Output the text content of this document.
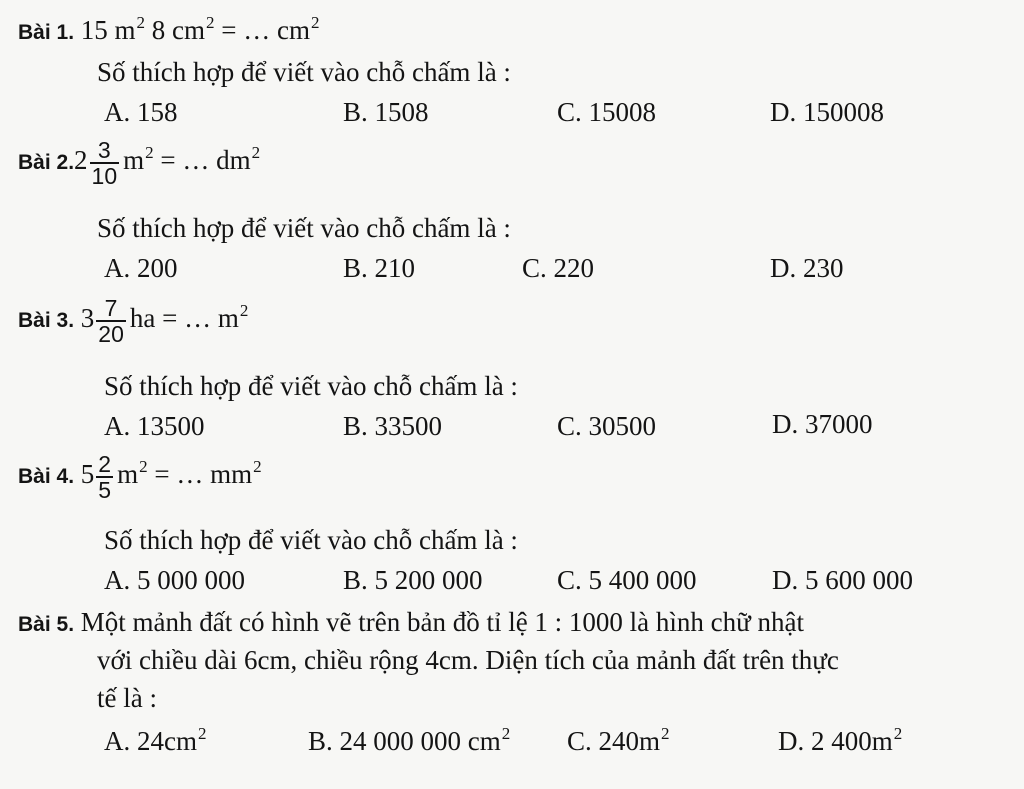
Bài 1. 15 $m^2$ 8 $cm^2$ = … $cm^2$
Số thích hợp để viết vào chỗ chấm là :
A. 158	B. 1508	C. 15008	D. 150008
Bài $2.2 \frac{3}{10} m^2$ = … $dm^2$
Số thích hợp để viết vào chỗ chấm là :
A. 200	B. 210	C. 220	D. 230
Bài 3. $3 \frac{7}{20}$ ha = … $m^2$
Số thích hợp để viết vào chỗ chấm là :
A. 13500	B. 33500	C. 30500	D. 37000
Bài 4. $5 \frac{2}{5} m^2$ = … $mm^2$
Số thích hợp để viết vào chỗ chấm là :
A. 5 000 000	B. 5 200 000	C. 5 400 000	D. 5 600 000
Bài 5. Một mảnh đất có hình vẽ trên bản đồ tỉ lệ 1 : 1000 là hình chữ nhật
với chiều dài 6cm, chiều rộng 4cm. Diện tích của mảnh đất trên thực
tế là :
A. $24cm^2$	B. 24 000 000 $cm^2$ C. $240m^2$	D. 2 $400m^2$
